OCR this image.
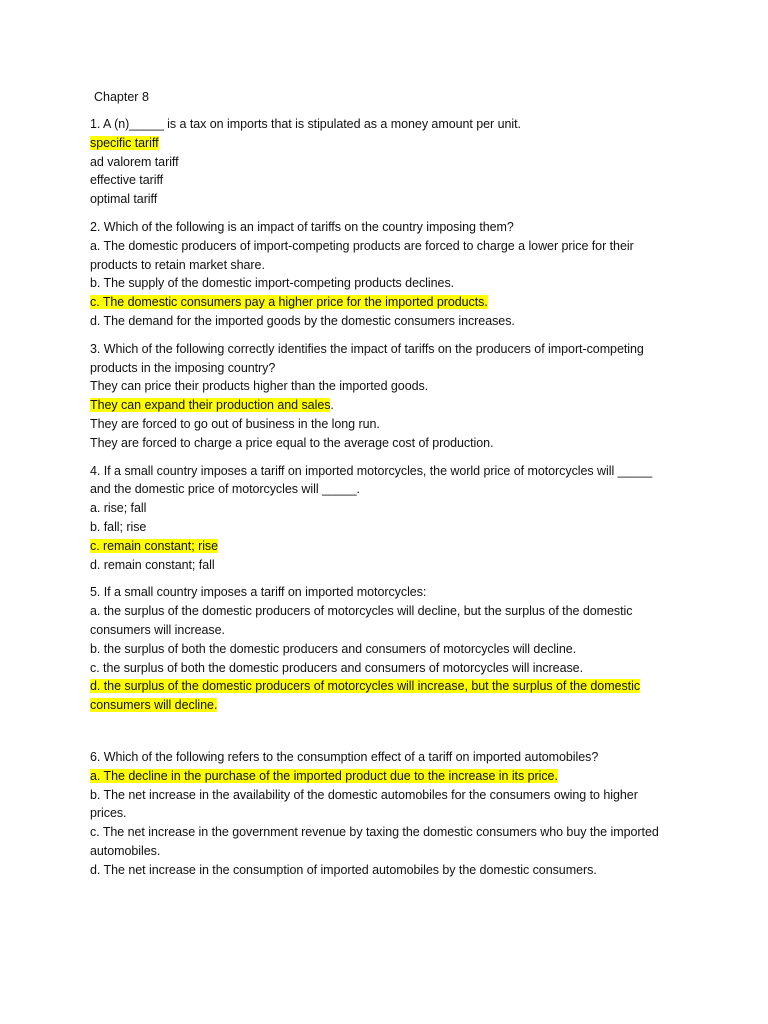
Chapter 8
1. A (n)_____ is a tax on imports that is stipulated as a money amount per unit.
specific tariff
ad valorem tariff
effective tariff
optimal tariff
2. Which of the following is an impact of tariffs on the country imposing them?
a. The domestic producers of import-competing products are forced to charge a lower price for their
products to retain market share.
b. The supply of the domestic import-competing products declines.
c. The domestic consumers pay a higher price for the imported products.
d. The demand for the imported goods by the domestic consumers increases.
3. Which of the following correctly identifies the impact of tariffs on the producers of import-competing
products in the imposing country?
They can price their products higher than the imported goods.
They can expand their production and sales.
They are forced to go out of business in the long run.
They are forced to charge a price equal to the average cost of production.
4. If a small country imposes a tariff on imported motorcycles, the world price of motorcycles will _____
and the domestic price of motorcycles will _____.
a. rise; fall
b. fall; rise
c. remain constant; rise
d. remain constant; fall
5. If a small country imposes a tariff on imported motorcycles:
a. the surplus of the domestic producers of motorcycles will decline, but the surplus of the domestic
consumers will increase.
b. the surplus of both the domestic producers and consumers of motorcycles will decline.
c. the surplus of both the domestic producers and consumers of motorcycles will increase.
d. the surplus of the domestic producers of motorcycles will increase, but the surplus of the domestic
consumers will decline.
6. Which of the following refers to the consumption effect of a tariff on imported automobiles?
a. The decline in the purchase of the imported product due to the increase in its price.
b. The net increase in the availability of the domestic automobiles for the consumers owing to higher
prices.
c. The net increase in the government revenue by taxing the domestic consumers who buy the imported
automobiles.
d. The net increase in the consumption of imported automobiles by the domestic consumers.
